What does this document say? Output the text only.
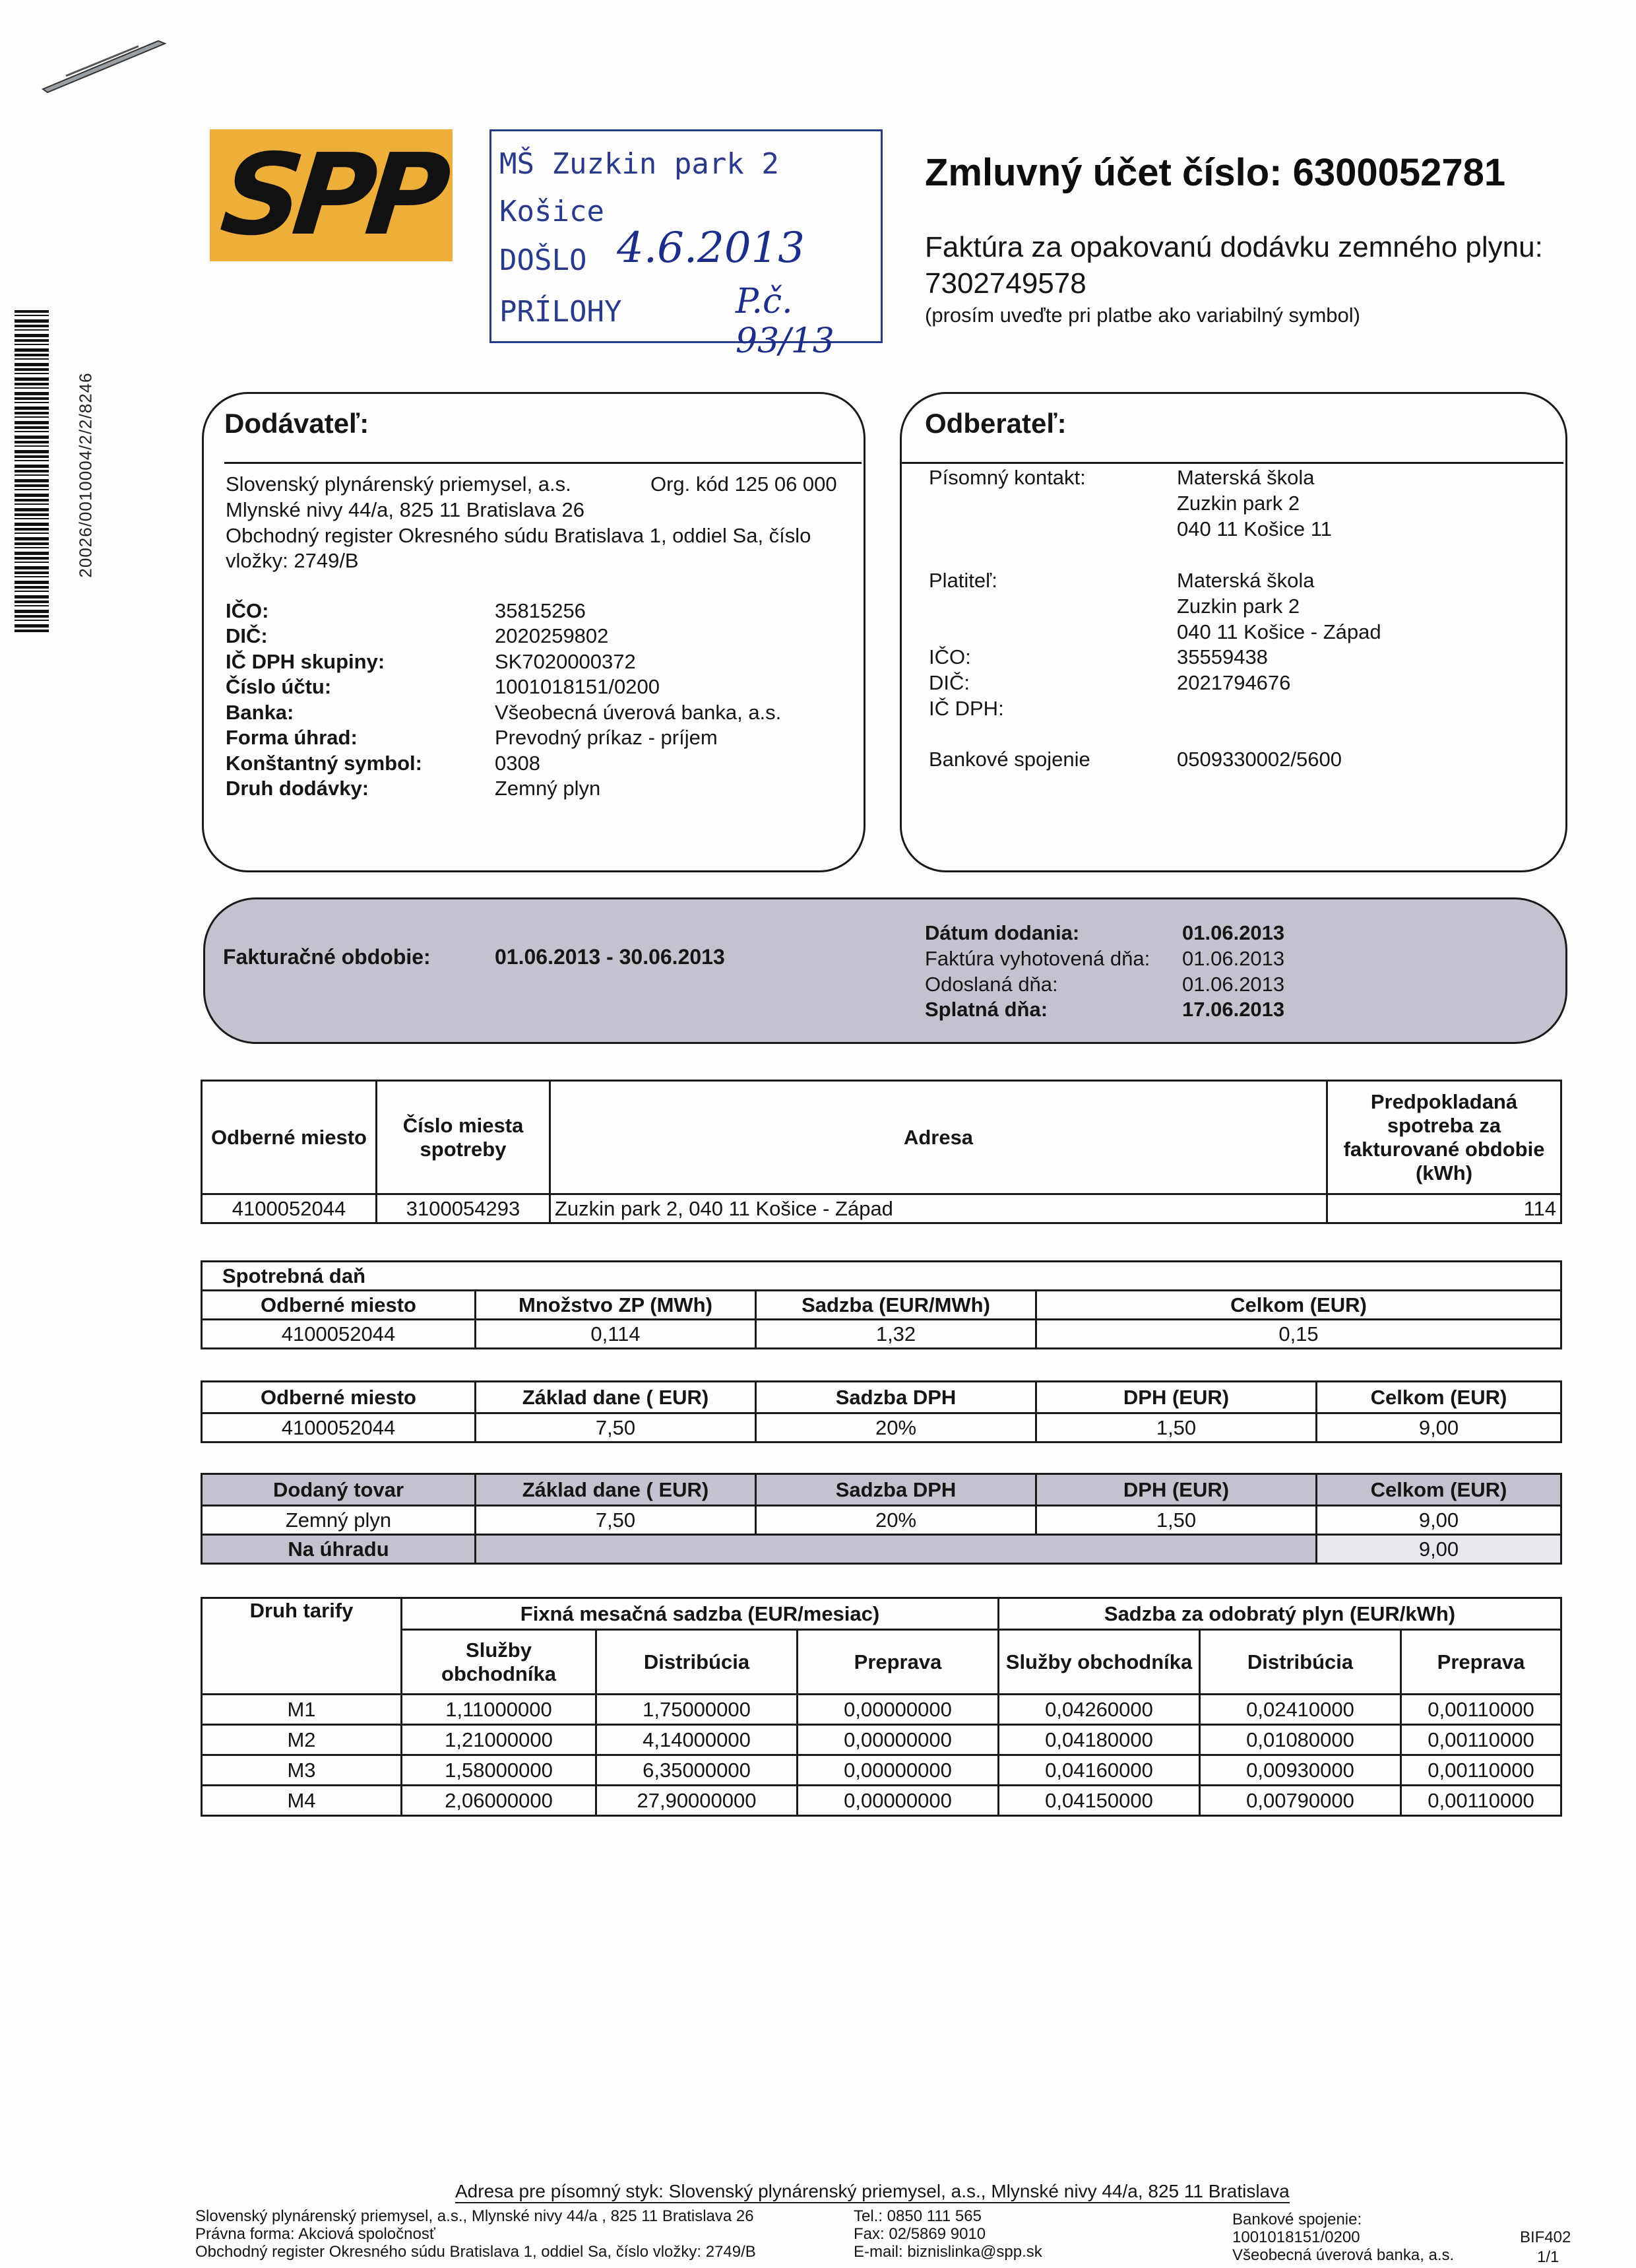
20026/0010004/2/2/8246
SPP MŠ Zuzkin park 2
Košice
DOŠLO 4.6.2013
PRÍLOHY	P.č. 93/13
Zmluvný účet číslo: 6300052781
Faktúra za opakovanú dodávku zemného plynu:
7302749578
(prosím uveďte pri platbe ako variabilný symbol)
Dodávateľ:
Slovenský plynárenský priemysel, a.s.	Org. kód 125 06 000
Mlynské nivy 44/a, 825 11 Bratislava 26
Obchodný register Okresného súdu Bratislava 1, oddiel Sa, číslo
vložky: 2749/B
IČO:	35815256
DIČ:	2020259802
IČ DPH skupiny:	SK7020000372
Číslo účtu:	1001018151/0200
Banka:	Všeobecná úverová banka, a.s.
Forma úhrad:	Prevodný príkaz - príjem
Konštantný symbol:	0308
Druh dodávky:	Zemný plyn
Odberateľ:
Písomný kontakt:	Materská škola
Zuzkin park 2
040 11 Košice 11
Platiteľ:	Materská škola
Zuzkin park 2
040 11 Košice - Západ
IČO:	35559438
DIČ:	2021794676
IČ DPH:
Bankové spojenie	0509330002/5600
Fakturačné obdobie:	01.06.2013 - 30.06.2013
Dátum dodania:	01.06.2013
Faktúra vyhotovená dňa: 01.06.2013
Odoslaná dňa:	01.06.2013
Splatná dňa:	17.06.2013
Odberné miesto	Číslo miesta spotreby	Adresa	Predpokladaná spotreba za fakturované obdobie (kWh)
4100052044	3100054293	Zuzkin park 2, 040 11 Košice - Západ	114
Spotrebná daň			
Odberné miesto	Množstvo ZP (MWh)	Sadzba (EUR/MWh)	Celkom (EUR)
4100052044	0,114	1,32	0,15
Odberné miesto	Základ dane ( EUR)	Sadzba DPH	DPH (EUR)	Celkom (EUR)
4100052044	7,50	20%	1,50	9,00
Dodaný tovar	Základ dane ( EUR)	Sadzba DPH	DPH (EUR)	Celkom (EUR)
Zemný plyn	7,50	20%	1,50	9,00
Na úhradu				9,00
Druh tarify	Fixná mesačná sadzba (EUR/mesiac)			Sadzba za odobratý plyn (EUR/kWh)		
	Služby obchodníka	Distribúcia	Preprava	Služby obchodníka	Distribúcia	Preprava
M1	1,11000000	1,75000000	0,00000000	0,04260000	0,02410000	0,00110000
M2	1,21000000	4,14000000	0,00000000	0,04180000	0,01080000	0,00110000
M3	1,58000000	6,35000000	0,00000000	0,04160000	0,00930000	0,00110000
M4	2,06000000	27,90000000	0,00000000	0,04150000	0,00790000	0,00110000
Adresa pre písomný styk: Slovenský plynárenský priemysel, a.s., Mlynské nivy 44/a, 825 11 Bratislava
Slovenský plynárenský priemysel, a.s., Mlynské nivy 44/a , 825 11 Bratislava 26
Právna forma: Akciová spoločnosť
Obchodný register Okresného súdu Bratislava 1, oddiel Sa, číslo vložky: 2749/B
Tel.: 0850 111 565
Fax: 02/5869 9010
E-mail: biznislinka@spp.sk
Bankové spojenie:
1001018151/0200
Všeobecná úverová banka, a.s.
BIF402
1/1
